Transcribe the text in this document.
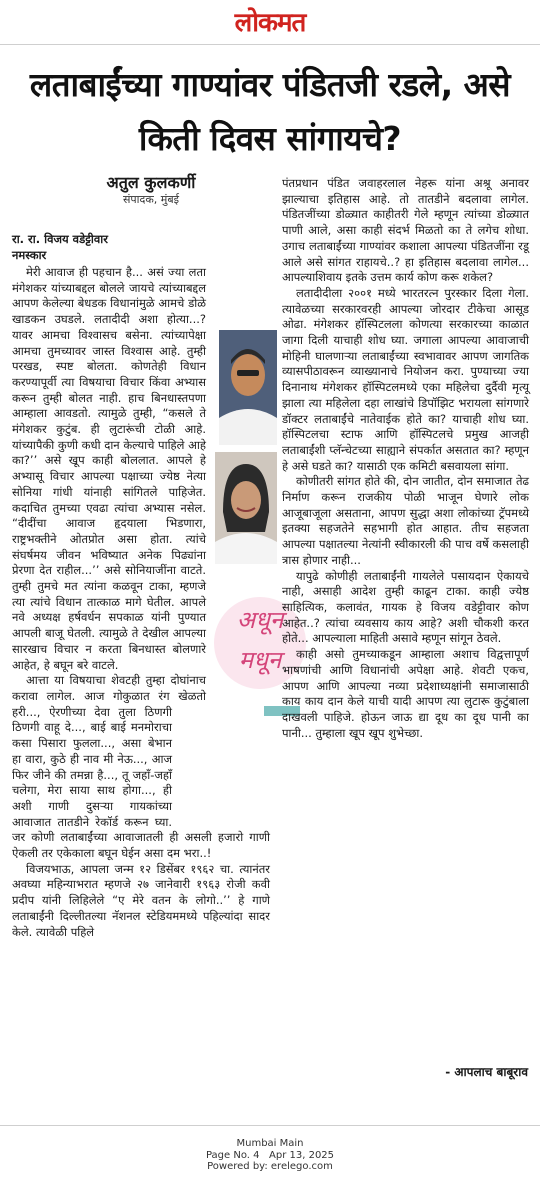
लोकमत
लताबाईंच्या गाण्यांवर पंडितजी रडले, असे किती दिवस सांगायचे?
अतुल कुलकर्णी
संपादक, मुंबई
रा. रा. विजय वडेट्टीवार
नमस्कार
अधून मधून

मेरी आवाज ही पहचान है... असं ज्या लता मंगेशकर यांच्याबद्दल बोलले जायचे त्यांच्याबद्दल आपण केलेल्या बेधडक विधानांमुळे आमचे डोळे खाडकन उघडले. लतादीदी अशा होत्या...? यावर आमचा विश्वासच बसेना. त्यांच्यापेक्षा आमचा तुमच्यावर जास्त विश्वास आहे. तुम्ही परखड, स्पष्ट बोलता. कोणतेही विधान करण्यापूर्वी त्या विषयाचा विचार किंवा अभ्यास करून तुम्ही बोलत नाही. हाच बिनधास्तपणा आम्हाला आवडतो. त्यामुळे तुम्ही, “कसले ते मंगेशकर कुटुंब. ही लुटारूंची टोळी आहे. यांच्यापैकी कुणी कधी दान केल्याचे पाहिले आहे का?’’ असे खूप काही बोललात. आपले हे अभ्यासू विचार आपल्या पक्षाच्या ज्येष्ठ नेत्या सोनिया गांधी यांनाही सांगितले पाहिजेत. कदाचित तुमच्या एवढा त्यांचा अभ्यास नसेल. “दीदींचा आवाज हृदयाला भिडणारा, राष्ट्रभक्तीने ओतप्रोत असा होता. त्यांचे संघर्षमय जीवन भविष्यात अनेक पिढ्यांना प्रेरणा देत राहील...’’ असे सोनियाजींना वाटते. तुम्ही तुमचे मत त्यांना कळवून टाका, म्हणजे त्या त्यांचे विधान तात्काळ मागे घेतील. आपले नवे अध्यक्ष हर्षवर्धन सपकाळ यांनी पुण्यात आपली बाजू घेतली. त्यामुळे ते देखील आपल्या सारखाच विचार न करता बिनधास्त बोलणारे आहेत, हे बघून बरे वाटले.

आत्ता या विषयाचा शेवटही तुम्हा दोघांनाच करावा लागेल. आज गोकुळात रंग खेळतो हरी..., ऐरणीच्या देवा तुला ठिणगी ठिणगी वाहू दे..., बाई बाई मनमोराचा कसा पिसारा फुलला..., असा बेभान हा वारा, कुठे ही नाव मी नेऊ..., आज फिर जीने की तमन्ना है..., तू जहाँ-जहाँ चलेगा, मेरा साया साथ होगा..., ही अशी गाणी दुसऱ्या गायकांच्या आवाजात तातडीने रेकॉर्ड करून घ्या. जर कोणी लताबाईंच्या आवाजातली ही असली हजारो गाणी ऐकली तर एकेकाला बघून घेईन असा दम भरा..!

विजयभाऊ, आपला जन्म १२ डिसेंबर १९६२ चा. त्यानंतर अवघ्या महिन्याभरात म्हणजे २७ जानेवारी १९६३ रोजी कवी प्रदीप यांनी लिहिलेले “ए मेरे वतन के लोगो..’’ हे गाणे लताबाईंनी दिल्लीतल्या नॅशनल स्टेडियममध्ये पहिल्यांदा सादर केले. त्यावेळी पहिले

पंतप्रधान पंडित जवाहरलाल नेहरू यांना अश्रू अनावर झाल्याचा इतिहास आहे. तो तातडीने बदलावा लागेल. पंडितजींच्या डोळ्यात काहीतरी गेले म्हणून त्यांच्या डोळ्यात पाणी आले, असा काही संदर्भ मिळतो का ते लगेच शोधा. उगाच लताबाईंच्या गाण्यांवर कशाला आपल्या पंडितजींना रडू आले असे सांगत राहायचे..? हा इतिहास बदलावा लागेल... आपल्याशिवाय इतके उत्तम कार्य कोण करू शकेल?

लतादीदीला २००१ मध्ये भारतरत्न पुरस्कार दिला गेला. त्यावेळच्या सरकारवरही आपल्या जोरदार टीकेचा आसूड ओढा. मंगेशकर हॉस्पिटलला कोणत्या सरकारच्या काळात जागा दिली याचाही शोध घ्या. जगाला आपल्या आवाजाची मोहिनी घालणाऱ्या लताबाईंच्या स्वभावावर आपण जागतिक व्यासपीठावरून व्याख्यानाचे नियोजन करा. पुण्याच्या ज्या दिनानाथ मंगेशकर हॉस्पिटलमध्ये एका महिलेचा दुर्दैवी मृत्यू झाला त्या महिलेला दहा लाखांचे डिपॉझिट भरायला सांगणारे डॉक्टर लताबाईंचे नातेवाईक होते का? याचाही शोध घ्या. हॉस्पिटलचा स्टाफ आणि हॉस्पिटलचे प्रमुख आजही लताबाईंशी प्लॅन्चेटच्या साह्याने संपर्कात असतात का? म्हणून हे असे घडते का? यासाठी एक कमिटी बसवायला सांगा.

कोणीतरी सांगत होते की, दोन जातीत, दोन समाजात तेढ निर्माण करून राजकीय पोळी भाजून घेणारे लोक आजूबाजूला असताना, आपण सुद्धा अशा लोकांच्या ट्रॅपमध्ये इतक्या सहजतेने सहभागी होत आहात. तीच सहजता आपल्या पक्षातल्या नेत्यांनी स्वीकारली की पाच वर्षे कसलाही त्रास होणार नाही...

यापुढे कोणीही लताबाईंनी गायलेले पसायदान ऐकायचे नाही, असाही आदेश तुम्ही काढून टाका. काही ज्येष्ठ साहित्यिक, कलावंत, गायक हे विजय वडेट्टीवार कोण आहेत..? त्यांचा व्यवसाय काय आहे? अशी चौकशी करत होते... आपल्याला माहिती असावे म्हणून सांगून ठेवले.

काही असो तुमच्याकडून आम्हाला अशाच विद्वत्तापूर्ण भाषणांची आणि विधानांची अपेक्षा आहे. शेवटी एकच, आपण आणि आपल्या नव्या प्रदेशाध्यक्षांनी समाजासाठी काय काय दान केले याची यादी आपण त्या लुटारू कुटुंबाला दाखवली पाहिजे. होऊन जाऊ द्या दूध का दूध पानी का पानी... तुम्हाला खूप खूप शुभेच्छा.

- आपलाच बाबूराव
Mumbai Main
Page No. 4   Apr 13, 2025
Powered by: erelego.com
